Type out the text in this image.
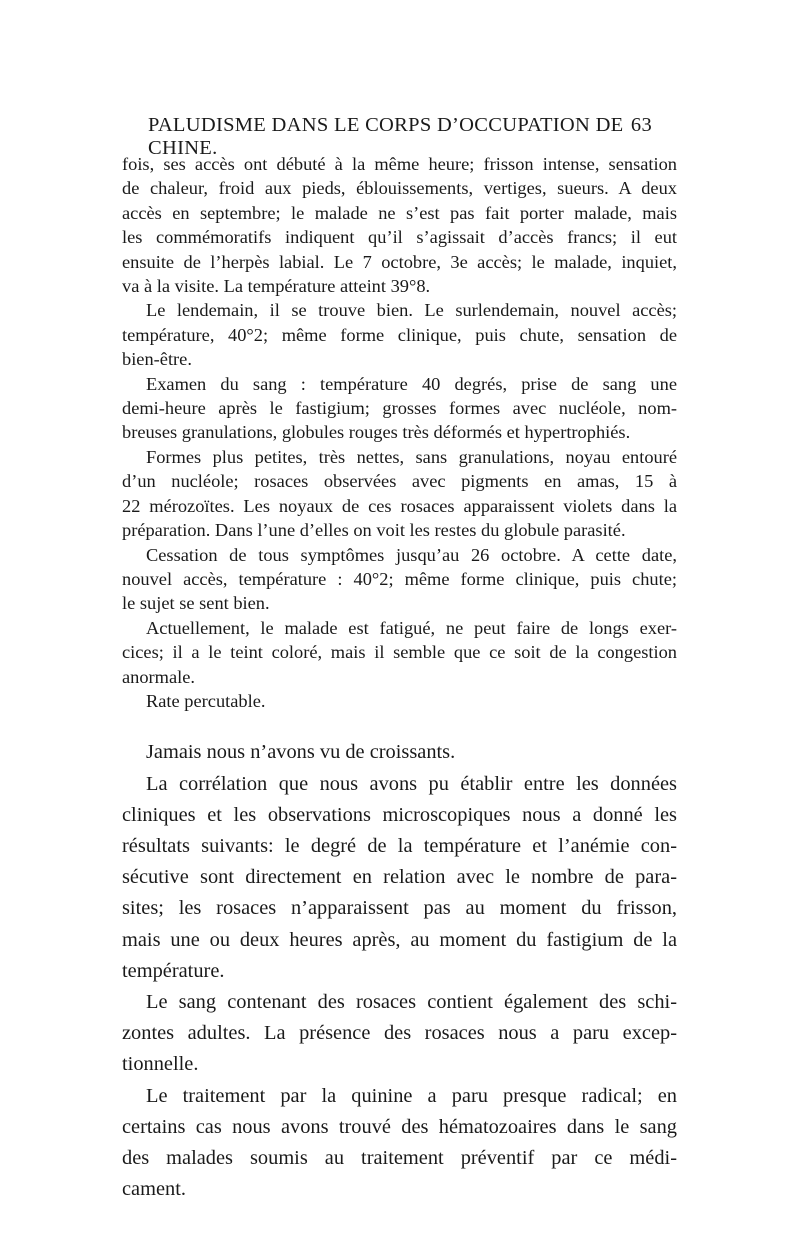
PALUDISME DANS LE CORPS D’OCCUPATION DE CHINE.
63

fois, ses accès ont débuté à la même heure; frisson intense, sensation
de chaleur, froid aux pieds, éblouissements, vertiges, sueurs. A deux
accès en septembre; le malade ne s’est pas fait porter malade, mais
les commémoratifs indiquent qu’il s’agissait d’accès francs; il eut
ensuite de l’herpès labial. Le 7 octobre, 3e accès; le malade, inquiet,
va à la visite. La température atteint 39°8.

Le lendemain, il se trouve bien. Le surlendemain, nouvel accès;
température, 40°2; même forme clinique, puis chute, sensation de
bien-être.

Examen du sang : température 40 degrés, prise de sang une
demi-heure après le fastigium; grosses formes avec nucléole, nom-
breuses granulations, globules rouges très déformés et hypertrophiés.

Formes plus petites, très nettes, sans granulations, noyau entouré
d’un nucléole; rosaces observées avec pigments en amas, 15 à
22 mérozoïtes. Les noyaux de ces rosaces apparaissent violets dans la
préparation. Dans l’une d’elles on voit les restes du globule parasité.

Cessation de tous symptômes jusqu’au 26 octobre. A cette date,
nouvel accès, température : 40°2; même forme clinique, puis chute;
le sujet se sent bien.

Actuellement, le malade est fatigué, ne peut faire de longs exer-
cices; il a le teint coloré, mais il semble que ce soit de la congestion
anormale.

Rate percutable.

Jamais nous n’avons vu de croissants.

La corrélation que nous avons pu établir entre les données
cliniques et les observations microscopiques nous a donné les
résultats suivants: le degré de la température et l’anémie con-
sécutive sont directement en relation avec le nombre de para-
sites; les rosaces n’apparaissent pas au moment du frisson,
mais une ou deux heures après, au moment du fastigium de la
température.

Le sang contenant des rosaces contient également des schi-
zontes adultes. La présence des rosaces nous a paru excep-
tionnelle.

Le traitement par la quinine a paru presque radical; en
certains cas nous avons trouvé des hématozoaires dans le sang
des malades soumis au traitement préventif par ce médi-
cament.
